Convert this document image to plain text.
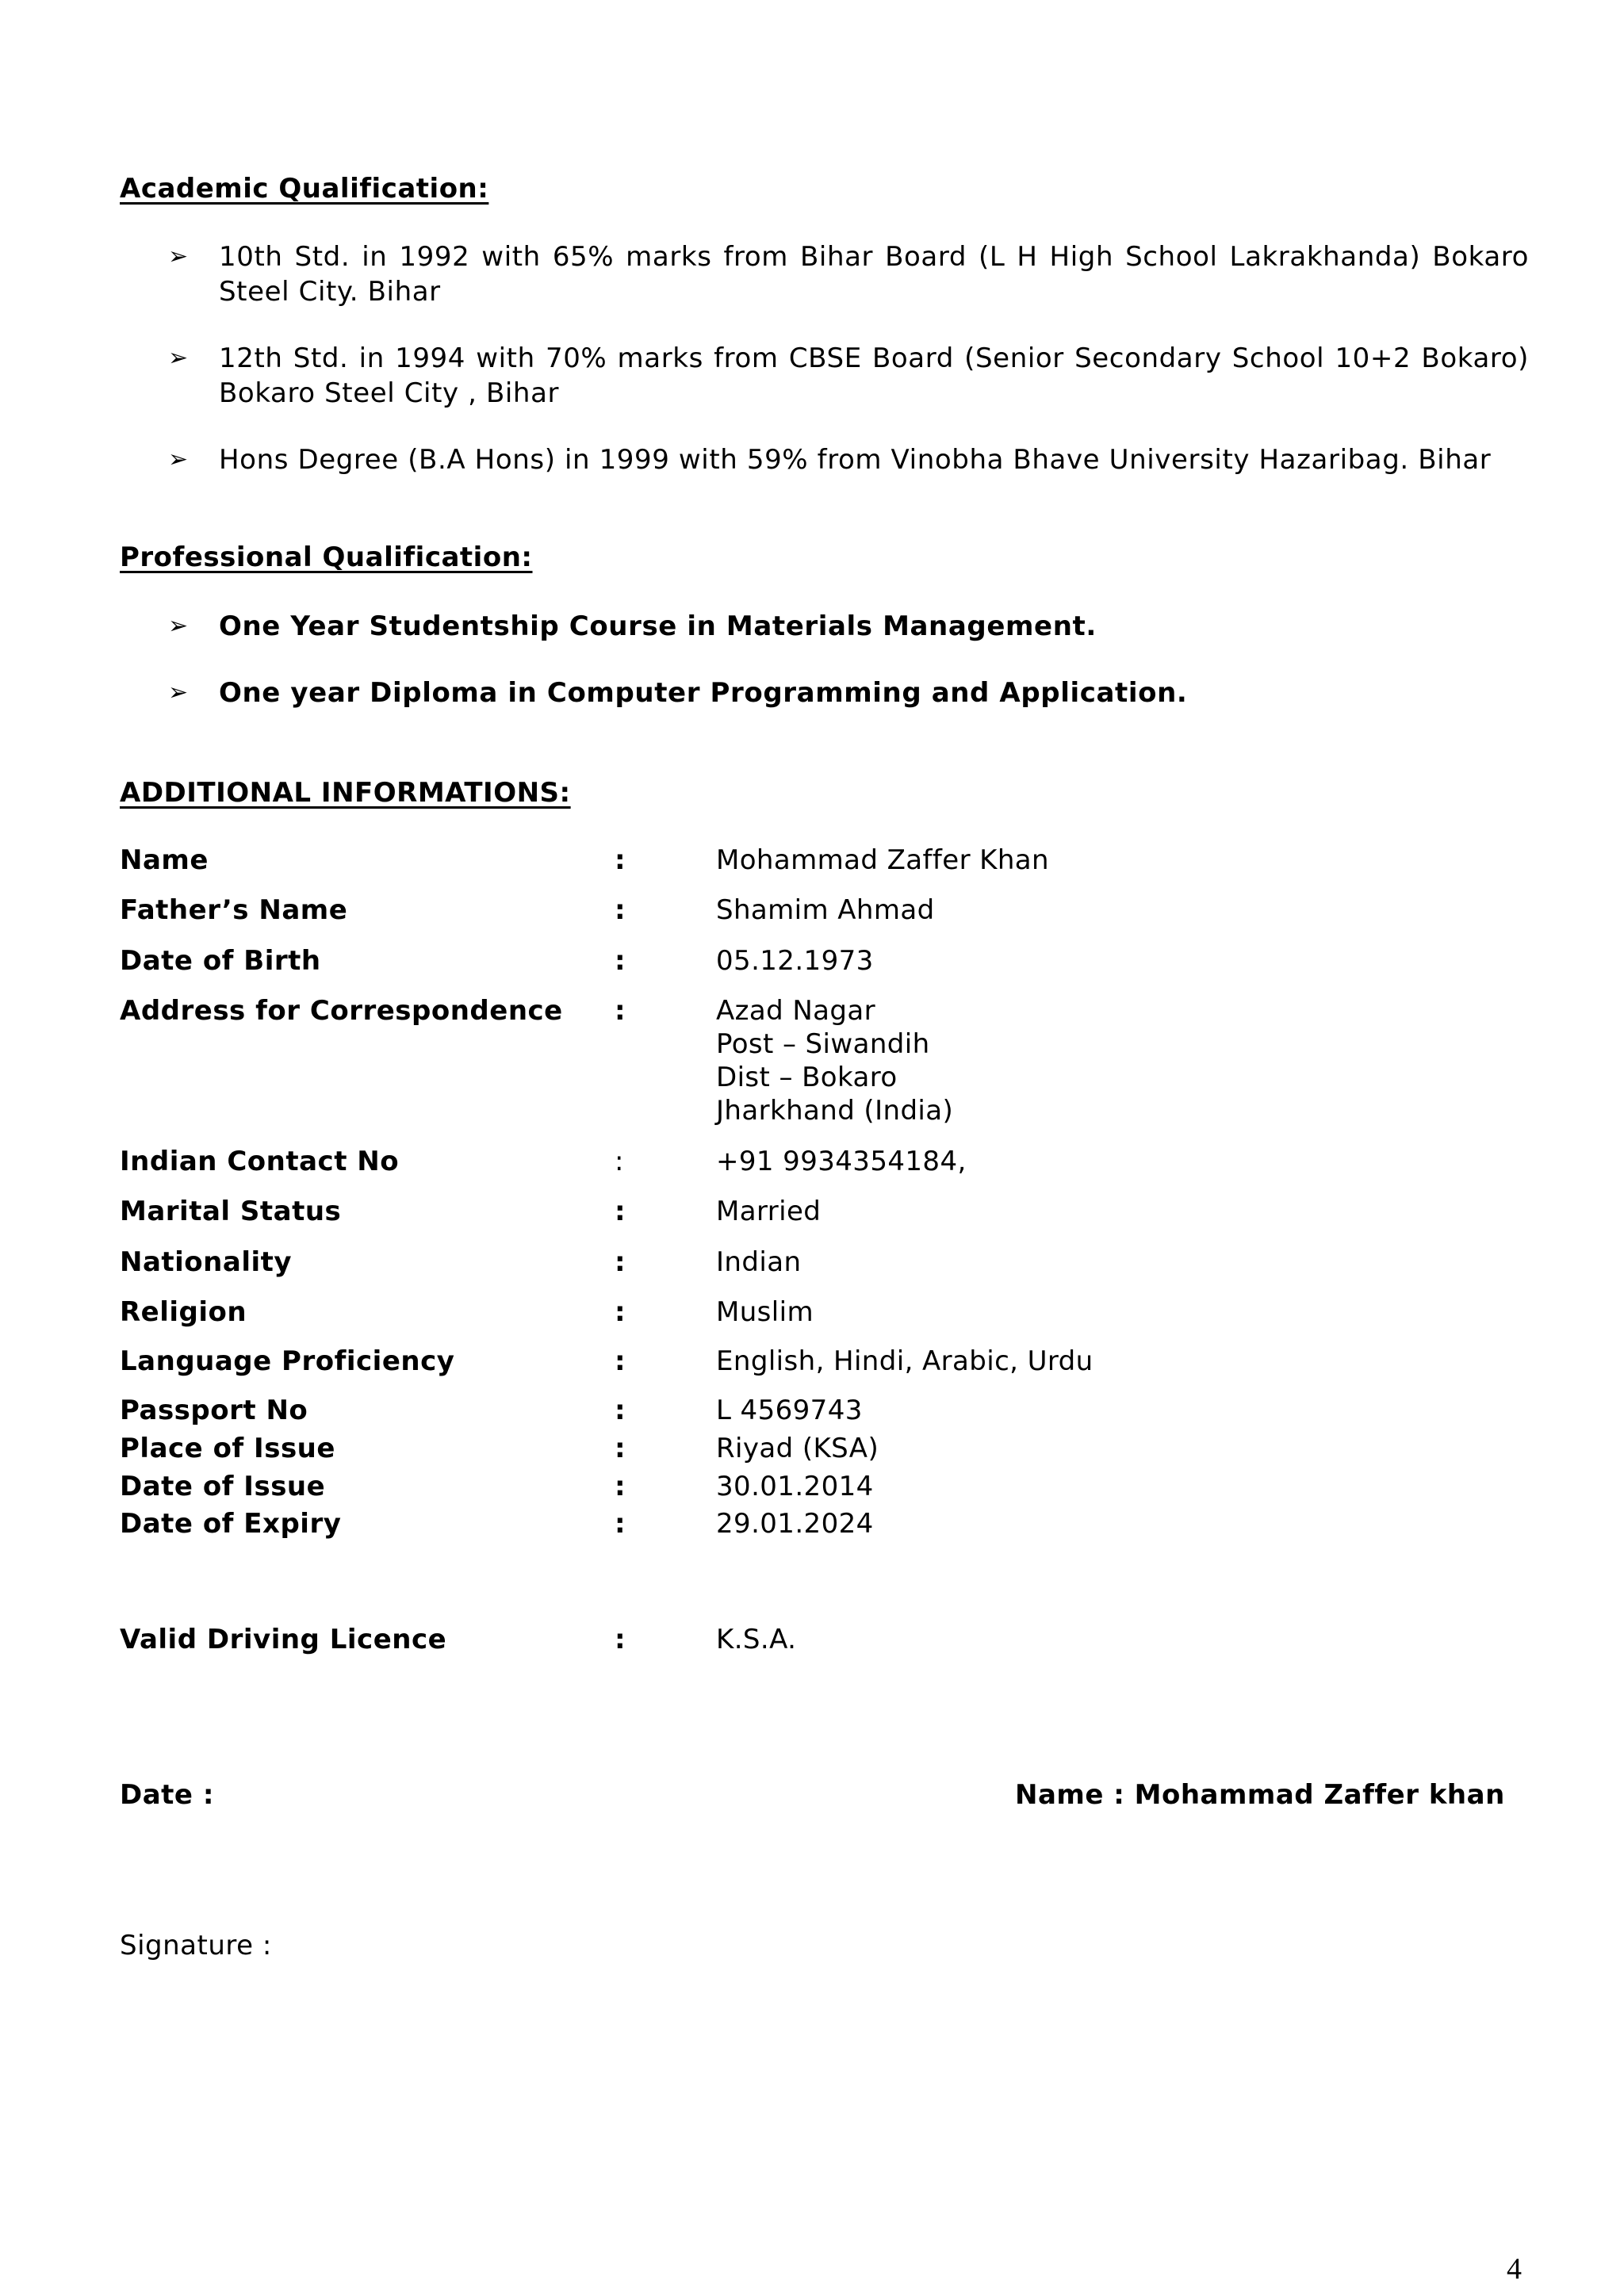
Academic Qualification:
➢ 10th Std. in 1992 with 65% marks from Bihar Board (L H High School Lakrakhanda) Bokaro Steel City. Bihar
➢ 12th Std. in 1994 with 70% marks from CBSE Board (Senior Secondary School 10+2 Bokaro) Bokaro Steel City , Bihar
➢ Hons Degree (B.A Hons) in 1999 with 59% from Vinobha Bhave University Hazaribag. Bihar
Professional Qualification:
➢ One Year Studentship Course in Materials Management.
➢ One year Diploma in Computer Programming and Application.
ADDITIONAL INFORMATIONS:
Name	:	Mohammad Zaffer Khan
Father’s Name	:	Shamim Ahmad
Date of Birth	:	05.12.1973
Address for Correspondence :	Azad Nagar
Post – Siwandih
Dist – Bokaro
Jharkhand (India)
Indian Contact No	:	+91 9934354184,
Marital Status	:	Married
Nationality	:	Indian
Religion	:	Muslim
Language Proficiency	:	English, Hindi, Arabic, Urdu
Passport No	:	L 4569743
Place of Issue	:	Riyad (KSA)
Date of Issue	:	30.01.2014
Date of Expiry	:	29.01.2024
Valid Driving Licence	:	K.S.A.
Date :	Name : Mohammad Zaffer khan
Signature :
4
